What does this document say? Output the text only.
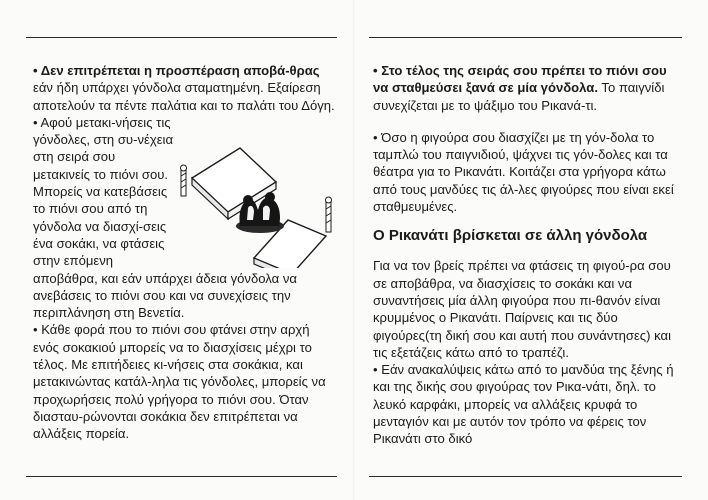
• Δεν επιτρέπεται η προσπέραση αποβά-θρας εάν ήδη υπάρχει γόνδολα σταματημένη. Εξαίρεση αποτελούν τα πέντε παλάτια και το παλάτι του Δόγη.

• Αφού μετακι-νήσεις τις γόνδολες, στη συ-νέχεια στη σειρά σου μετακινείς το πιόνι σου. Μπορείς να κατεβάσεις το πιόνι σου από τη γόνδολα να διασχί-σεις ένα σοκάκι, να φτάσεις στην επόμενη αποβάθρα, και εάν υπάρχει άδεια γόνδολα να ανεβάσεις το πιόνι σου και να συνεχίσεις την περιπλάνηση στη Βενετία.

• Κάθε φορά που το πιόνι σου φτάνει στην αρχή ενός σοκακιού μπορείς να το διασχίσεις μέχρι το τέλος. Με επιτήδειες κι-νήσεις στα σοκάκια, και μετακινώντας κατάλ-ληλα τις γόνδολες, μπορείς να προχωρήσεις πολύ γρήγορα το πιόνι σου. Όταν διασταυ-ρώνονται σοκάκια δεν επιτρέπεται να αλλάξεις πορεία.

• Στο τέλος της σειράς σου πρέπει το πιόνι σου να σταθμεύσει ξανά σε μία γόνδολα. Το παιγνίδι συνεχίζεται με το ψάξιμο του Ρικανά-τι.

• Όσο η φιγούρα σου διασχίζει με τη γόν-δολα το ταμπλώ του παιγνιδιού, ψάχνει τις γόν-δολες και τα θέατρα για το Ρικανάτι. Κοιτάζει στα γρήγορα κάτω από τους μανδύες τις άλ-λες φιγούρες που είναι εκεί σταθμευμένες.

Ο Ρικανάτι βρίσκεται σε άλλη γόνδολα

Για να τον βρείς πρέπει να φτάσεις τη φιγού-ρα σου σε αποβάθρα, να διασχίσεις το σοκάκι και να συναντήσεις μία άλλη φιγούρα που πι-θανόν είναι κρυμμένος ο Ρικανάτι. Παίρνεις και τις δύο φιγούρες(τη δική σου και αυτή που συνάντησες) και τις εξετάζεις κάτω από το τραπέζι.

• Εάν ανακαλύψεις κάτω από το μανδύα της ξένης ή και της δικής σου φιγούρας τον Ρικα-νάτι, δηλ. το λευκό καρφάκι, μπορείς να αλλάξεις κρυφά το μενταγιόν και με αυτόν τον τρόπο να φέρεις τον Ρικανάτι στο δικό
